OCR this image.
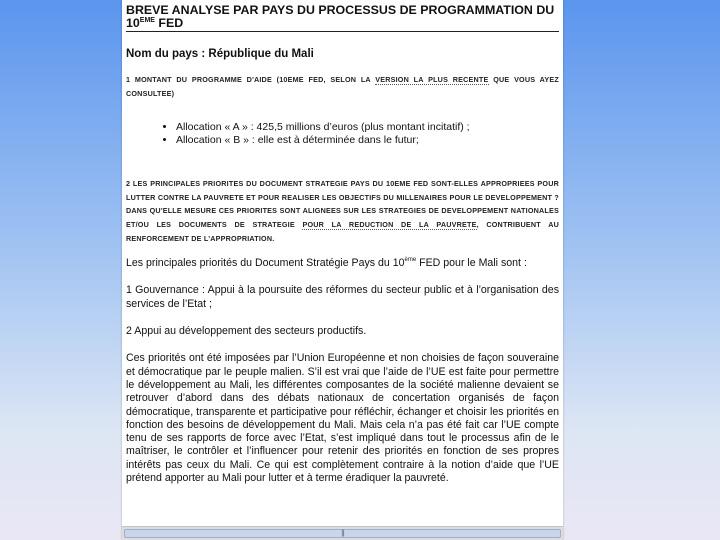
BREVE ANALYSE PAR PAYS DU PROCESSUS DE PROGRAMMATION DU
10EME FED
Nom du pays : République du Mali
1 MONTANT DU PROGRAMME D'AIDE (10EME FED, SELON LA VERSION LA PLUS RECENTE QUE VOUS AYEZ CONSULTEE)
• Allocation « A » : 425,5 millions d’euros (plus montant incitatif) ;
• Allocation « B » : elle est à déterminée dans le futur;
2 LES PRINCIPALES PRIORITES DU DOCUMENT STRATEGIE PAYS DU 10EME FED SONT-ELLES APPROPRIEES POUR LUTTER CONTRE LA PAUVRETE ET POUR REALISER LES OBJECTIFS DU MILLENAIRES POUR LE DEVELOPPEMENT ? DANS QU'ELLE MESURE CES PRIORITES SONT ALIGNEES SUR LES STRATEGIES DE DEVELOPPEMENT NATIONALES ET/OU LES DOCUMENTS DE STRATEGIE POUR LA REDUCTION DE LA PAUVRETE, CONTRIBUENT AU RENFORCEMENT DE L’APPROPRIATION.

Les principales priorités du Document Stratégie Pays du 10ème FED pour le Mali sont :

1 Gouvernance : Appui à la poursuite des réformes du secteur public et à l’organisation des services de l’Etat ;

2 Appui au développement des secteurs productifs.

Ces priorités ont été imposées par l’Union Européenne et non choisies de façon souveraine et démocratique par le peuple malien. S’il est vrai que l’aide de l’UE est faite pour permettre le développement au Mali, les différentes composantes de la société malienne devaient se retrouver d’abord dans des débats nationaux de concertation organisés de façon démocratique, transparente et participative pour réfléchir, échanger et choisir les priorités en fonction des besoins de développement du Mali. Mais cela n’a pas été fait car l’UE compte tenu de ses rapports de force avec l’Etat, s’est impliqué dans tout le processus afin de le maîtriser, le contrôler et l’influencer pour retenir des priorités en fonction de ses propres intérêts pas ceux du Mali. Ce qui est complètement contraire à la notion d’aide que l’UE prétend apporter au Mali pour lutter et à terme éradiquer la pauvreté.

|||
